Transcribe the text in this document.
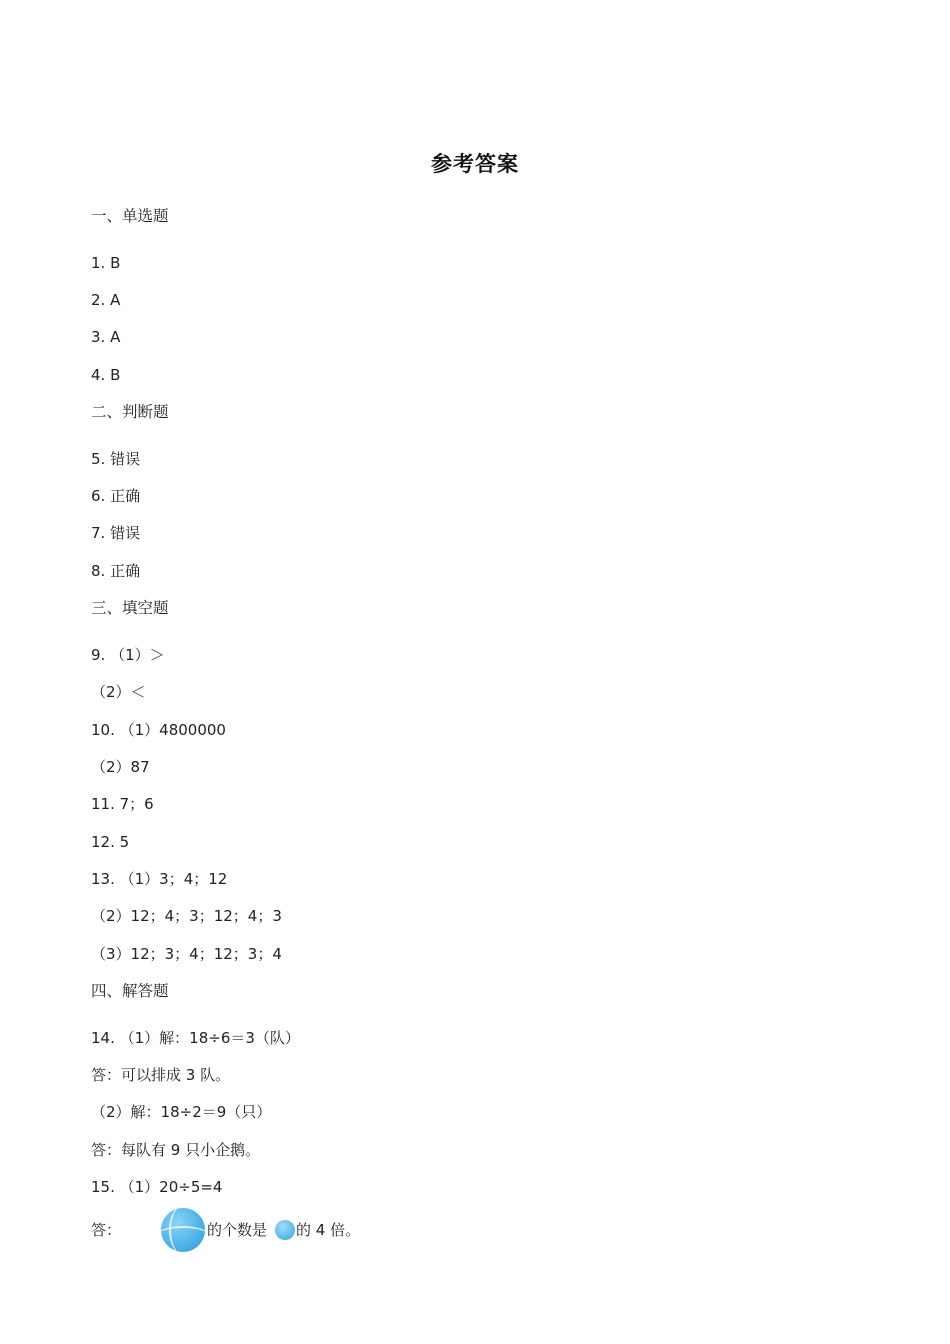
参考答案
一、单选题
1. B
2. A
3. A
4. B
二、判断题
5. 错误
6. 正确
7. 错误
8. 正确
三、填空题
9. （1）＞
（2）＜
10. （1）4800000
（2）87
11. 7；6
12. 5
13. （1）3；4；12
（2）12；4；3；12；4；3
（3）12；3；4；12；3；4
四、解答题
14. （1）解：18÷6＝3（队）
答：可以排成 3 队。
（2）解：18÷2＝9（只）
答：每队有 9 只小企鹅。
15. （1）20÷5=4
答：	的个数是 的 4 倍。
